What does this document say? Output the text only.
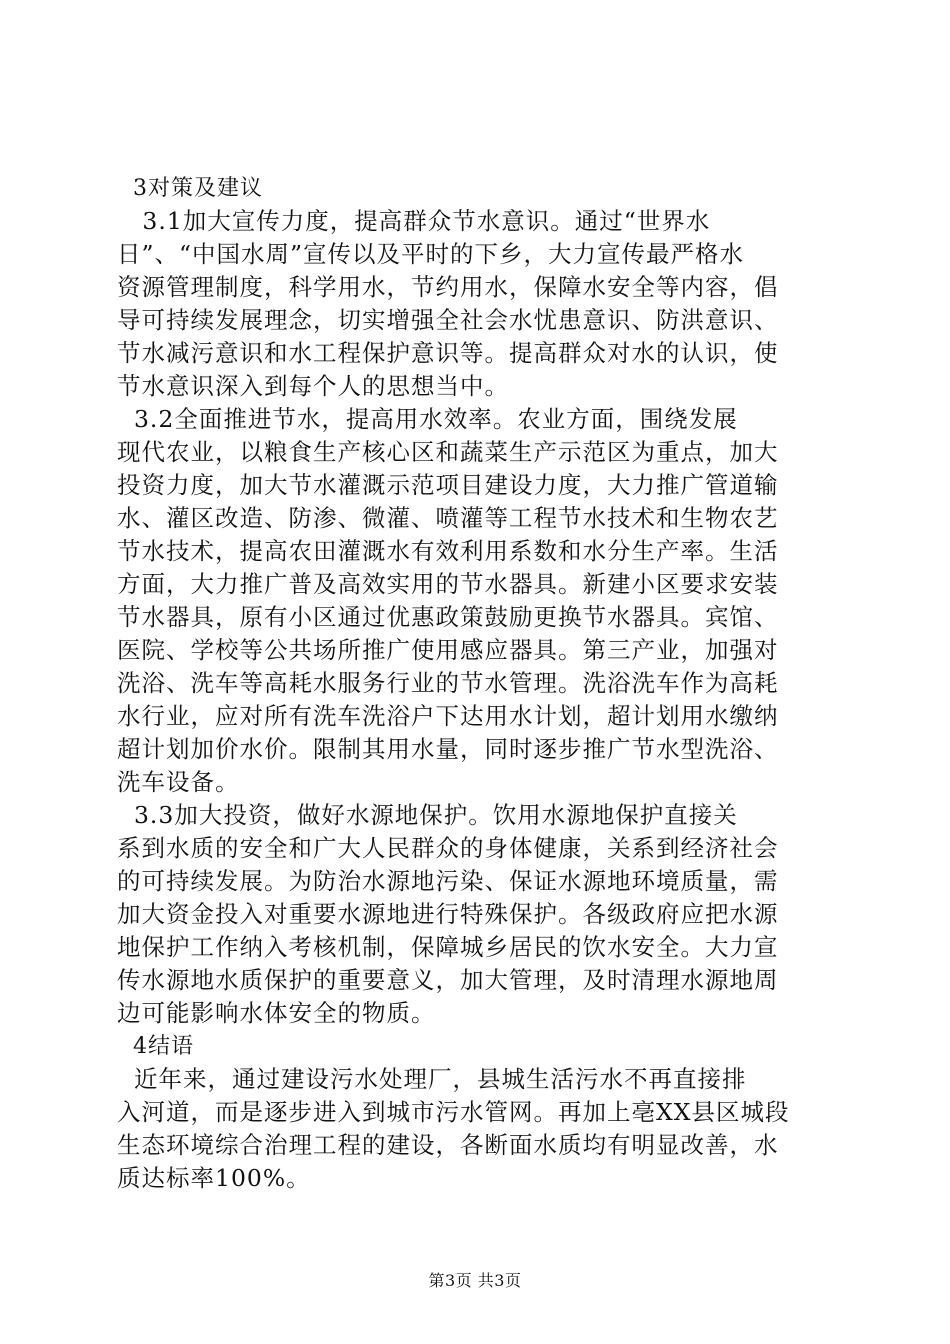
3对策及建议
3.1加大宣传力度，提高群众节水意识。通过“世界水
日”、“中国水周”宣传以及平时的下乡，大力宣传最严格水
资源管理制度，科学用水，节约用水，保障水安全等内容，倡
导可持续发展理念，切实增强全社会水忧患意识、防洪意识、
节水减污意识和水工程保护意识等。提高群众对水的认识，使
节水意识深入到每个人的思想当中。
3.2全面推进节水，提高用水效率。农业方面，围绕发展
现代农业，以粮食生产核心区和蔬菜生产示范区为重点，加大
投资力度，加大节水灌溉示范项目建设力度，大力推广管道输
水、灌区改造、防渗、微灌、喷灌等工程节水技术和生物农艺
节水技术，提高农田灌溉水有效利用系数和水分生产率。生活
方面，大力推广普及高效实用的节水器具。新建小区要求安装
节水器具，原有小区通过优惠政策鼓励更换节水器具。宾馆、
医院、学校等公共场所推广使用感应器具。第三产业，加强对
洗浴、洗车等高耗水服务行业的节水管理。洗浴洗车作为高耗
水行业，应对所有洗车洗浴户下达用水计划，超计划用水缴纳
超计划加价水价。限制其用水量，同时逐步推广节水型洗浴、
洗车设备。
3.3加大投资，做好水源地保护。饮用水源地保护直接关
系到水质的安全和广大人民群众的身体健康，关系到经济社会
的可持续发展。为防治水源地污染、保证水源地环境质量，需
加大资金投入对重要水源地进行特殊保护。各级政府应把水源
地保护工作纳入考核机制，保障城乡居民的饮水安全。大力宣
传水源地水质保护的重要意义，加大管理，及时清理水源地周
边可能影响水体安全的物质。
4结语
近年来，通过建设污水处理厂，县城生活污水不再直接排
入河道，而是逐步进入到城市污水管网。再加上亳XX县区城段
生态环境综合治理工程的建设，各断面水质均有明显改善，水
质达标率100%。
第3页 共3页
